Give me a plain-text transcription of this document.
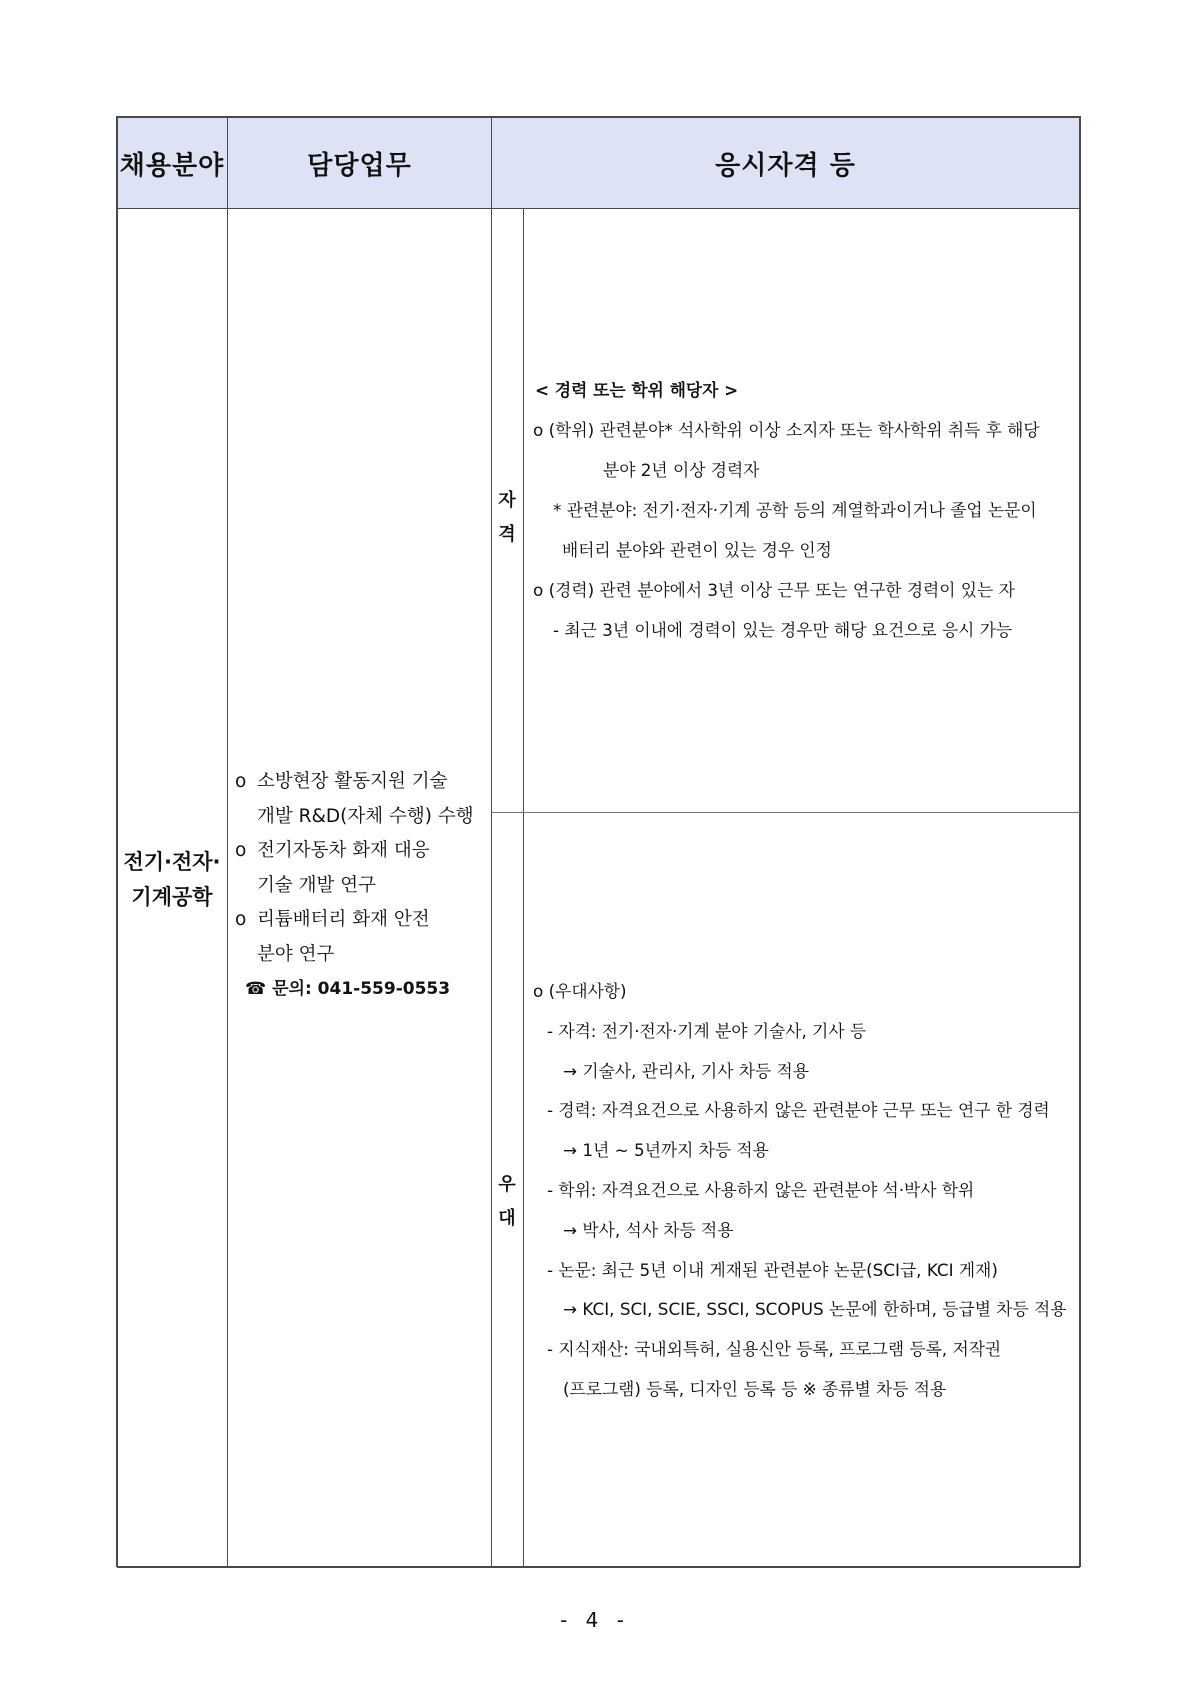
채용분야	담당업무	응시자격 등
전기·전자·
기계공학
o 소방현장 활동지원 기술
개발 R&D(자체 수행) 수행
o 전기자동차 화재 대응
기술 개발 연구
o 리튬배터리 화재 안전
분야 연구
☎ 문의: 041-559-0553
자
격
< 경력 또는 학위 해당자 >
o (학위) 관련분야* 석사학위 이상 소지자 또는 학사학위 취득 후 해당
분야 2년 이상 경력자
* 관련분야: 전기·전자·기계 공학 등의 계열학과이거나 졸업 논문이
배터리 분야와 관련이 있는 경우 인정
o (경력) 관련 분야에서 3년 이상 근무 또는 연구한 경력이 있는 자
- 최근 3년 이내에 경력이 있는 경우만 해당 요건으로 응시 가능
우
대
o (우대사항)
- 자격: 전기·전자·기계 분야 기술사, 기사 등
→ 기술사, 관리사, 기사 차등 적용
- 경력: 자격요건으로 사용하지 않은 관련분야 근무 또는 연구 한 경력
→ 1년 ~ 5년까지 차등 적용
- 학위: 자격요건으로 사용하지 않은 관련분야 석·박사 학위
→ 박사, 석사 차등 적용
- 논문: 최근 5년 이내 게재된 관련분야 논문(SCI급, KCI 게재)
→ KCI, SCI, SCIE, SSCI, SCOPUS 논문에 한하며, 등급별 차등 적용
- 지식재산: 국내외특허, 실용신안 등록, 프로그램 등록, 저작권
(프로그램) 등록, 디자인 등록 등 ※ 종류별 차등 적용
- 4 -
